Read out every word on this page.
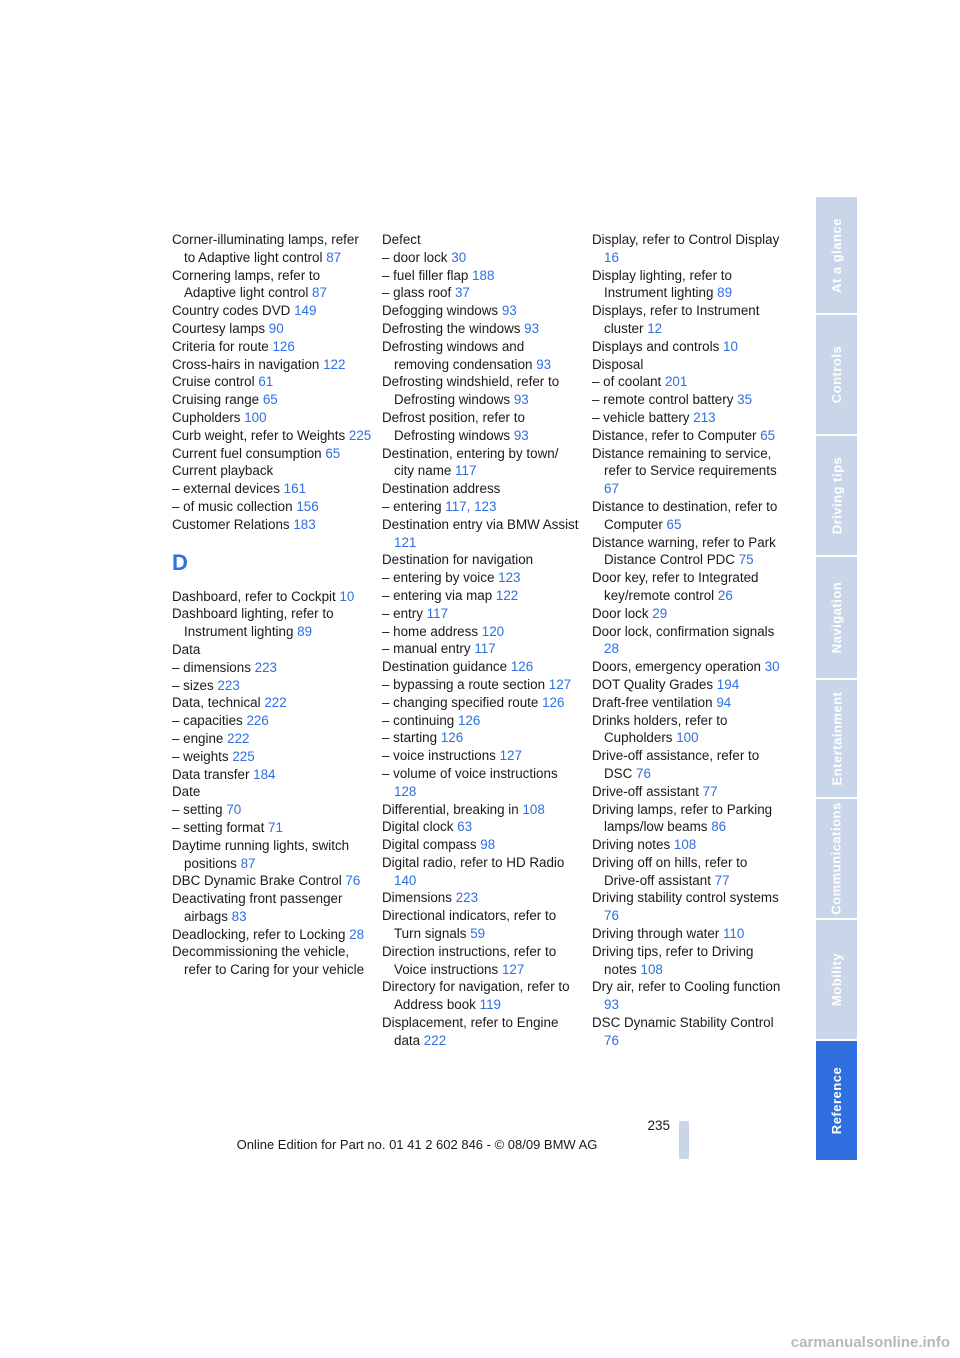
Corner-illuminating lamps, refer to Adaptive light control 87
Cornering lamps, refer to Adaptive light control 87
Country codes DVD 149
Courtesy lamps 90
Criteria for route 126
Cross-hairs in navigation 122
Cruise control 61
Cruising range 65
Cupholders 100
Curb weight, refer to Weights 225
Current fuel consumption 65
Current playback
– external devices 161
– of music collection 156
Customer Relations 183
D
Dashboard, refer to Cockpit 10
Dashboard lighting, refer to Instrument lighting 89
Data
– dimensions 223
– sizes 223
Data, technical 222
– capacities 226
– engine 222
– weights 225
Data transfer 184
Date
– setting 70
– setting format 71
Daytime running lights, switch positions 87
DBC Dynamic Brake Control 76
Deactivating front passenger airbags 83
Deadlocking, refer to Locking 28
Decommissioning the vehicle, refer to Caring for your vehicle
Defect
– door lock 30
– fuel filler flap 188
– glass roof 37
Defogging windows 93
Defrosting the windows 93
Defrosting windows and removing condensation 93
Defrosting windshield, refer to Defrosting windows 93
Defrost position, refer to Defrosting windows 93
Destination, entering by town/ city name 117
Destination address
– entering 117, 123
Destination entry via BMW Assist 121
Destination for navigation
– entering by voice 123
– entering via map 122
– entry 117
– home address 120
– manual entry 117
Destination guidance 126
– bypassing a route section 127
– changing specified route 126
– continuing 126
– starting 126
– voice instructions 127
– volume of voice instructions 128
Differential, breaking in 108
Digital clock 63
Digital compass 98
Digital radio, refer to HD Radio 140
Dimensions 223
Directional indicators, refer to Turn signals 59
Direction instructions, refer to Voice instructions 127
Directory for navigation, refer to Address book 119
Displacement, refer to Engine data 222
Display, refer to Control Display 16
Display lighting, refer to Instrument lighting 89
Displays, refer to Instrument cluster 12
Displays and controls 10
Disposal
– of coolant 201
– remote control battery 35
– vehicle battery 213
Distance, refer to Computer 65
Distance remaining to service, refer to Service requirements 67
Distance to destination, refer to Computer 65
Distance warning, refer to Park Distance Control PDC 75
Door key, refer to Integrated key/remote control 26
Door lock 29
Door lock, confirmation signals 28
Doors, emergency operation 30
DOT Quality Grades 194
Draft-free ventilation 94
Drinks holders, refer to Cupholders 100
Drive-off assistance, refer to DSC 76
Drive-off assistant 77
Driving lamps, refer to Parking lamps/low beams 86
Driving notes 108
Driving off on hills, refer to Drive-off assistant 77
Driving stability control systems 76
Driving through water 110
Driving tips, refer to Driving notes 108
Dry air, refer to Cooling function 93
DSC Dynamic Stability Control 76
At a glance
Controls
Driving tips
Navigation
Entertainment
Communications
Mobility
Reference
235
Online Edition for Part no. 01 41 2 602 846 - © 08/09 BMW AG
carmanualsonline.info
